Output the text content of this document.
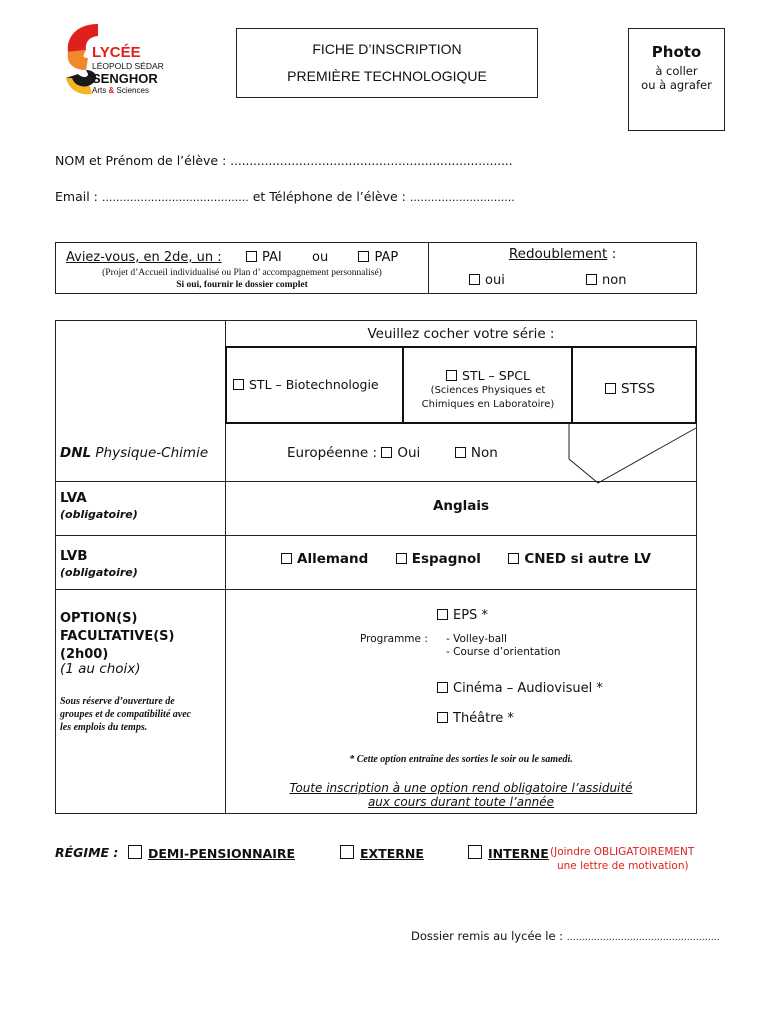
LYCÉE
LÉOPOLD SÉDAR
SENGHOR
Arts & Sciences
FICHE D’INSCRIPTION
PREMIÈRE TECHNOLOGIQUE
Photo
à coller
ou à agrafer
NOM et Prénom de l’élève : ..........................................................................
Email : .......................................... et Téléphone de l’élève : ..............................
Aviez-vous, en 2de, un :	PAI ou	PAP
(Projet d’Accueil individualisé ou Plan d’ accompagnement personnalisé)
Si oui, fournir le dossier complet
Redoublement :
oui	non
Veuillez cocher votre série :
STL – Biotechnologie
STL – SPCL
(Sciences Physiques et
Chimiques en Laboratoire)
STSS
DNL Physique-Chimie	Européenne : Oui	Non
LVA
(obligatoire)
Anglais
LVB
(obligatoire)
Allemand	Espagnol	CNED si autre LV
OPTION(S)
FACULTATIVE(S)
(2h00)
(1 au choix)
Sous réserve d’ouverture de
groupes et de compatibilité avec
les emplois du temps.
EPS *
Programme : - Volley-ball
- Course d’orientation
Cinéma – Audiovisuel *
Théâtre *
* Cette option entraîne des sorties le soir ou le samedi.
Toute inscription à une option rend obligatoire l’assiduité
aux cours durant toute l’année
RÉGIME :	DEMI-PENSIONNAIRE	EXTERNE	INTERNE (Joindre OBLIGATOIREMENT
une lettre de motivation)
Dossier remis au lycée le : ……………………………………………
